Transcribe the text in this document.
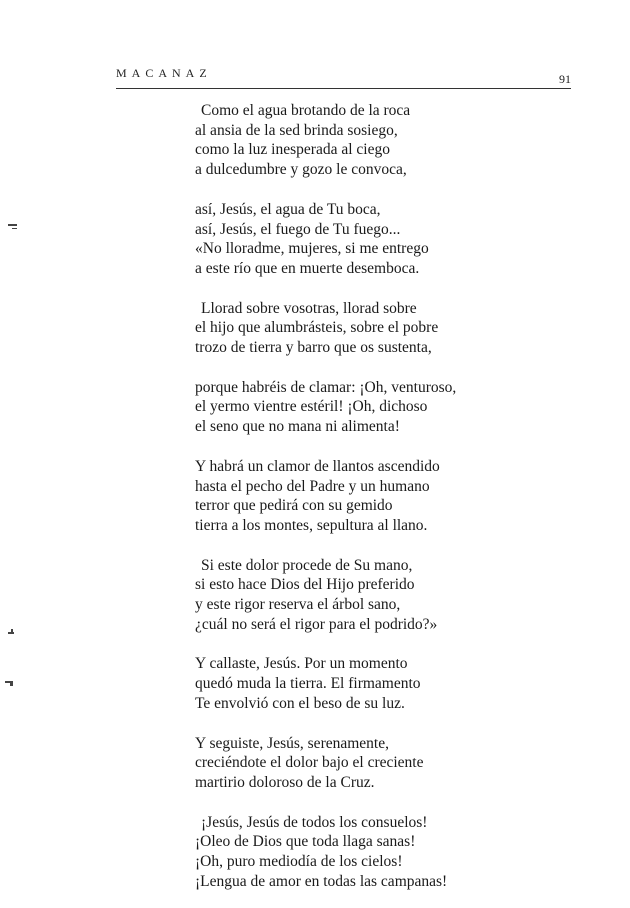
MACANAZ	91
Como el agua brotando de la roca
al ansia de la sed brinda sosiego,
como la luz inesperada al ciego
a dulcedumbre y gozo le convoca,
así, Jesús, el agua de Tu boca,
así, Jesús, el fuego de Tu fuego...
«No lloradme, mujeres, si me entrego
a este río que en muerte desemboca.
Llorad sobre vosotras, llorad sobre
el hijo que alumbrásteis, sobre el pobre
trozo de tierra y barro que os sustenta,
porque habréis de clamar: ¡Oh, venturoso,
el yermo vientre estéril! ¡Oh, dichoso
el seno que no mana ni alimenta!
Y habrá un clamor de llantos ascendido
hasta el pecho del Padre y un humano
terror que pedirá con su gemido
tierra a los montes, sepultura al llano.
Si este dolor procede de Su mano,
si esto hace Dios del Hijo preferido
y este rigor reserva el árbol sano,
¿cuál no será el rigor para el podrido?»
Y callaste, Jesús. Por un momento
quedó muda la tierra. El firmamento
Te envolvió con el beso de su luz.
Y seguiste, Jesús, serenamente,
creciéndote el dolor bajo el creciente
martirio doloroso de la Cruz.
¡Jesús, Jesús de todos los consuelos!
¡Oleo de Dios que toda llaga sanas!
¡Oh, puro mediodía de los cielos!
¡Lengua de amor en todas las campanas!
